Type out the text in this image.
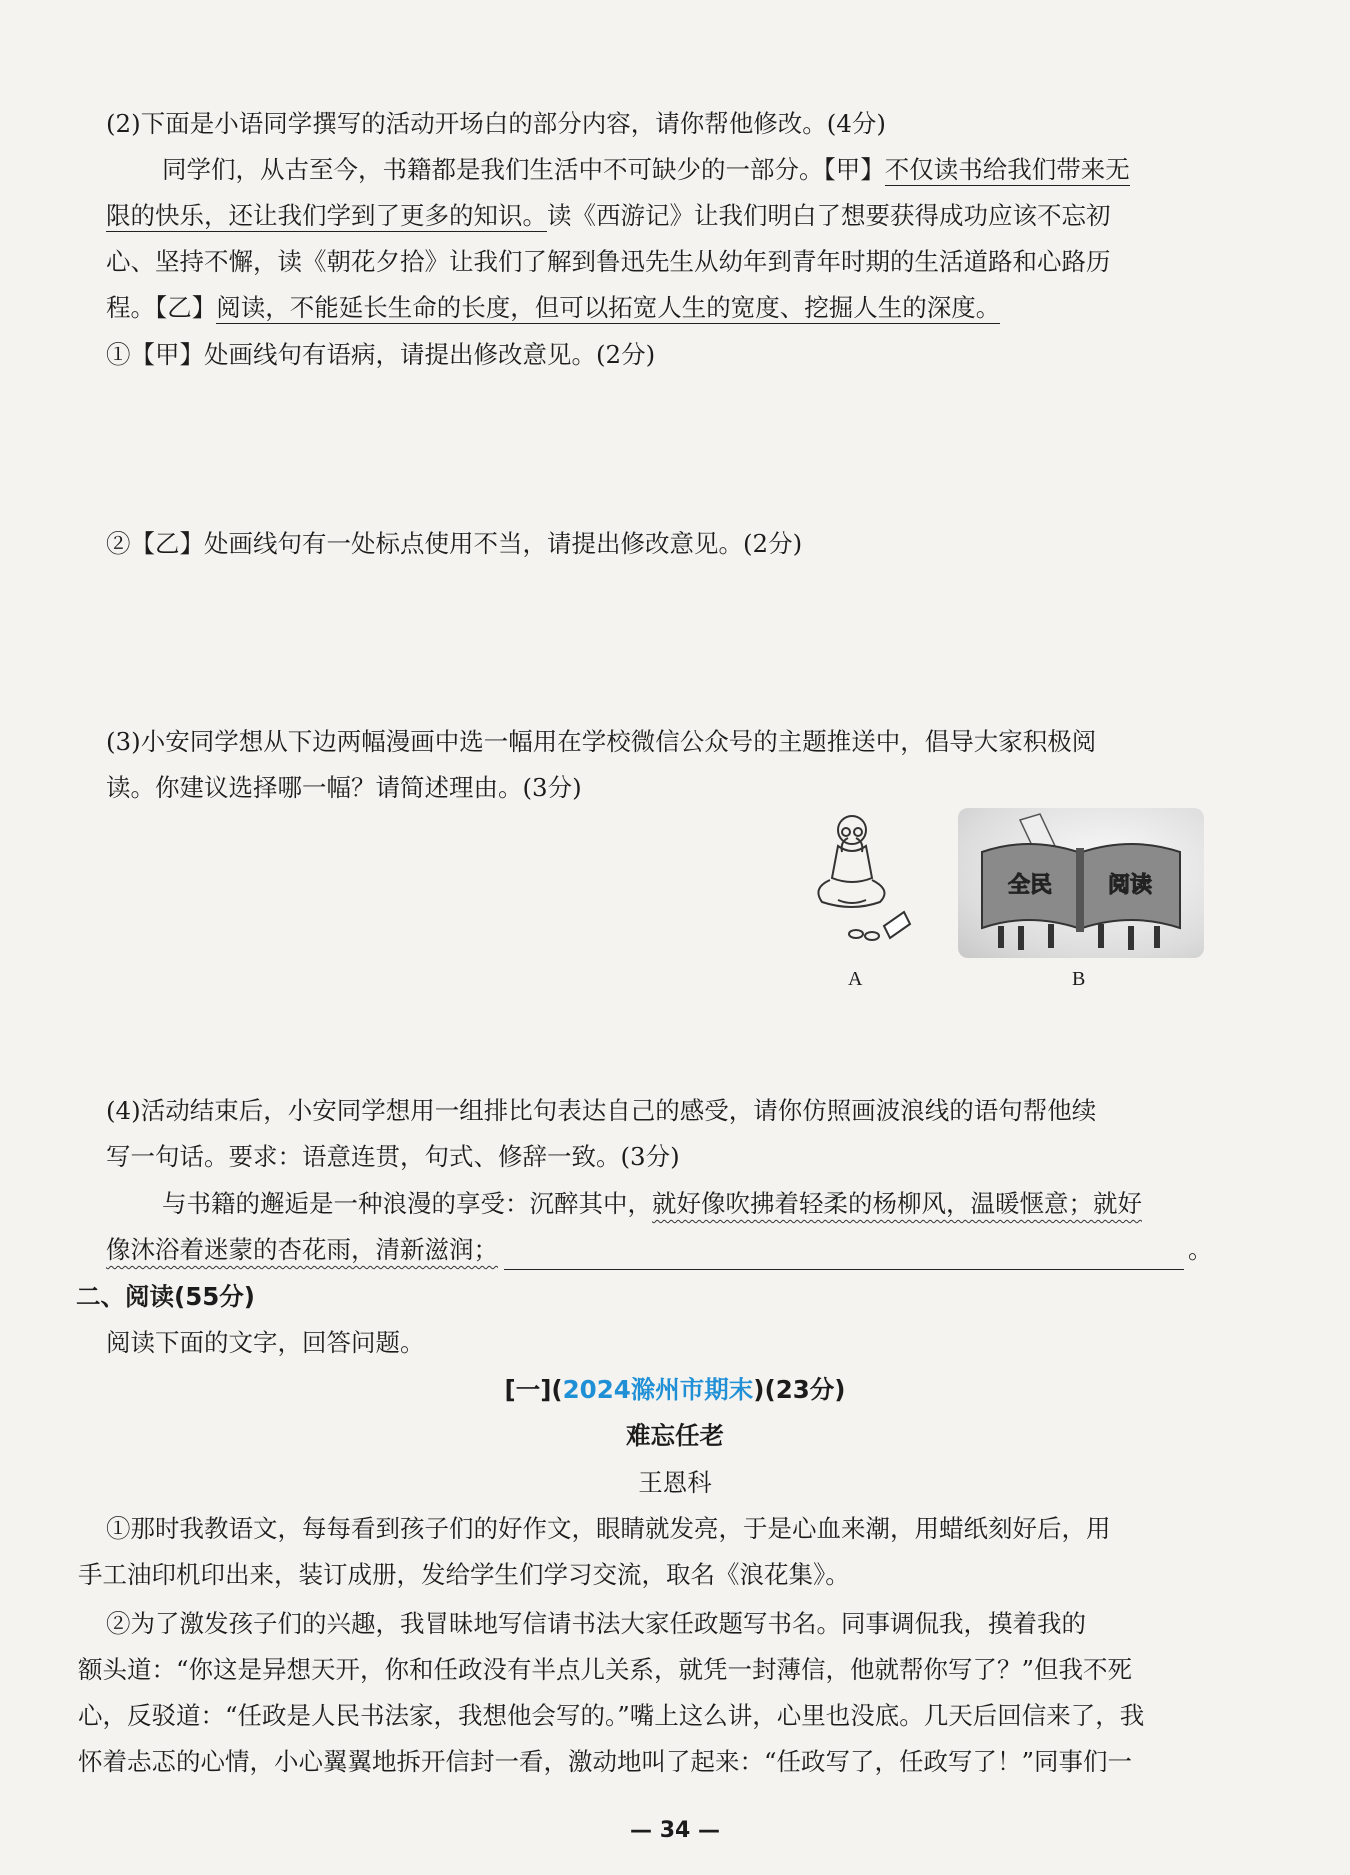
(2)下面是小语同学撰写的活动开场白的部分内容，请你帮他修改。(4分)
同学们，从古至今，书籍都是我们生活中不可缺少的一部分。【甲】不仅读书给我们带来无
限的快乐，还让我们学到了更多的知识。读《西游记》让我们明白了想要获得成功应该不忘初
心、坚持不懈，读《朝花夕拾》让我们了解到鲁迅先生从幼年到青年时期的生活道路和心路历
程。【乙】阅读，不能延长生命的长度，但可以拓宽人生的宽度、挖掘人生的深度。
①【甲】处画线句有语病，请提出修改意见。(2分)
②【乙】处画线句有一处标点使用不当，请提出修改意见。(2分)
(3)小安同学想从下边两幅漫画中选一幅用在学校微信公众号的主题推送中，倡导大家积极阅
读。你建议选择哪一幅？请简述理由。(3分)
A
全民	阅读
B
(4)活动结束后，小安同学想用一组排比句表达自己的感受，请你仿照画波浪线的语句帮他续
写一句话。要求：语意连贯，句式、修辞一致。(3分)
与书籍的邂逅是一种浪漫的享受：沉醉其中，就好像吹拂着轻柔的杨柳风，温暖惬意；就好
像沐浴着迷蒙的杏花雨，清新滋润；	。
二、阅读(55分)
阅读下面的文字，回答问题。
[一](2024滁州市期末)(23分)
难忘任老
王恩科
①那时我教语文，每每看到孩子们的好作文，眼睛就发亮，于是心血来潮，用蜡纸刻好后，用
手工油印机印出来，装订成册，发给学生们学习交流，取名《浪花集》。
②为了激发孩子们的兴趣，我冒昧地写信请书法大家任政题写书名。同事调侃我，摸着我的
额头道：“你这是异想天开，你和任政没有半点儿关系，就凭一封薄信，他就帮你写了？”但我不死
心，反驳道：“任政是人民书法家，我想他会写的。”嘴上这么讲，心里也没底。几天后回信来了，我
怀着忐忑的心情，小心翼翼地拆开信封一看，激动地叫了起来：“任政写了，任政写了！”同事们一
— 34 —
